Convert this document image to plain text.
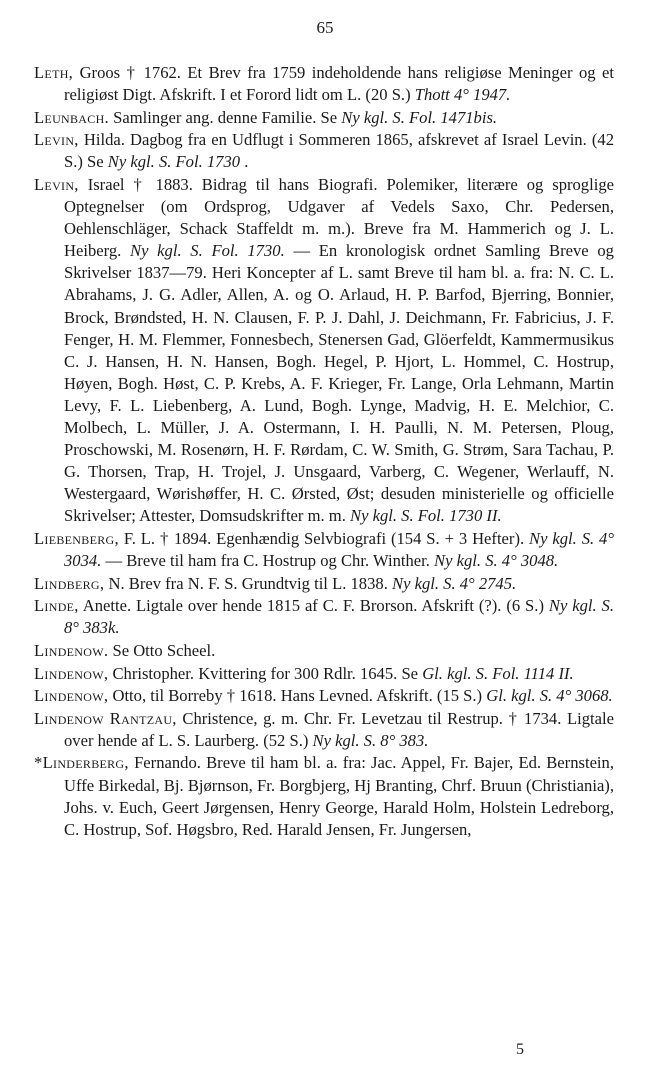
65

Leth, Groos † 1762. Et Brev fra 1759 indeholdende hans religiøse Meninger og et religiøst Digt. Afskrift. I et Forord lidt om L. (20 S.) Thott 4° 1947.

Leunbach. Samlinger ang. denne Familie. Se Ny kgl. S. Fol. 1471bis.

Levin, Hilda. Dagbog fra en Udflugt i Sommeren 1865, afskrevet af Israel Levin. (42 S.) Se Ny kgl. S. Fol. 1730 .

Levin, Israel † 1883. Bidrag til hans Biografi. Polemiker, literære og sproglige Optegnelser (om Ordsprog, Udgaver af Vedels Saxo, Chr. Pedersen, Oehlenschläger, Schack Staffeldt m. m.). Breve fra M. Hammerich og J. L. Heiberg. Ny kgl. S. Fol. 1730. — En kronologisk ordnet Samling Breve og Skrivelser 1837—79. Heri Koncepter af L. samt Breve til ham bl. a. fra: N. C. L. Abrahams, J. G. Adler, Allen, A. og O. Arlaud, H. P. Barfod, Bjerring, Bonnier, Brock, Brøndsted, H. N. Clausen, F. P. J. Dahl, J. Deichmann, Fr. Fabricius, J. F. Fenger, H. M. Flemmer, Fonnesbech, Stenersen Gad, Glöerfeldt, Kammermusikus C. J. Hansen, H. N. Hansen, Bogh. Hegel, P. Hjort, L. Hommel, C. Hostrup, Høyen, Bogh. Høst, C. P. Krebs, A. F. Krieger, Fr. Lange, Orla Lehmann, Martin Levy, F. L. Liebenberg, A. Lund, Bogh. Lynge, Madvig, H. E. Melchior, C. Molbech, L. Müller, J. A. Ostermann, I. H. Paulli, N. M. Petersen, Ploug, Proschowski, M. Rosenørn, H. F. Rørdam, C. W. Smith, G. Strøm, Sara Tachau, P. G. Thorsen, Trap, H. Trojel, J. Unsgaard, Varberg, C. Wegener, Werlauff, N. Westergaard, Wørishøffer, H. C. Ørsted, Øst; desuden ministerielle og officielle Skrivelser; Attester, Domsudskrifter m. m. Ny kgl. S. Fol. 1730 II.

Liebenberg, F. L. † 1894. Egenhændig Selvbiografi (154 S. + 3 Hefter). Ny kgl. S. 4° 3034. — Breve til ham fra C. Hostrup og Chr. Winther. Ny kgl. S. 4° 3048.

Lindberg, N. Brev fra N. F. S. Grundtvig til L. 1838. Ny kgl. S. 4° 2745.

Linde, Anette. Ligtale over hende 1815 af C. F. Brorson. Afskrift (?). (6 S.) Ny kgl. S. 8° 383k.

Lindenow. Se Otto Scheel.

Lindenow, Christopher. Kvittering for 300 Rdlr. 1645. Se Gl. kgl. S. Fol. 1114 II.

Lindenow, Otto, til Borreby † 1618. Hans Levned. Afskrift. (15 S.) Gl. kgl. S. 4° 3068.

Lindenow Rantzau, Christence, g. m. Chr. Fr. Levetzau til Restrup. † 1734. Ligtale over hende af L. S. Laurberg. (52 S.) Ny kgl. S. 8° 383.

*Linderberg, Fernando. Breve til ham bl. a. fra: Jac. Appel, Fr. Bajer, Ed. Bernstein, Uffe Birkedal, Bj. Bjørnson, Fr. Borgbjerg, Hj Branting, Chrf. Bruun (Christiania), Johs. v. Euch, Geert Jørgensen, Henry George, Harald Holm, Holstein Ledreborg, C. Hostrup, Sof. Høgsbro, Red. Harald Jensen, Fr. Jungersen,

5
